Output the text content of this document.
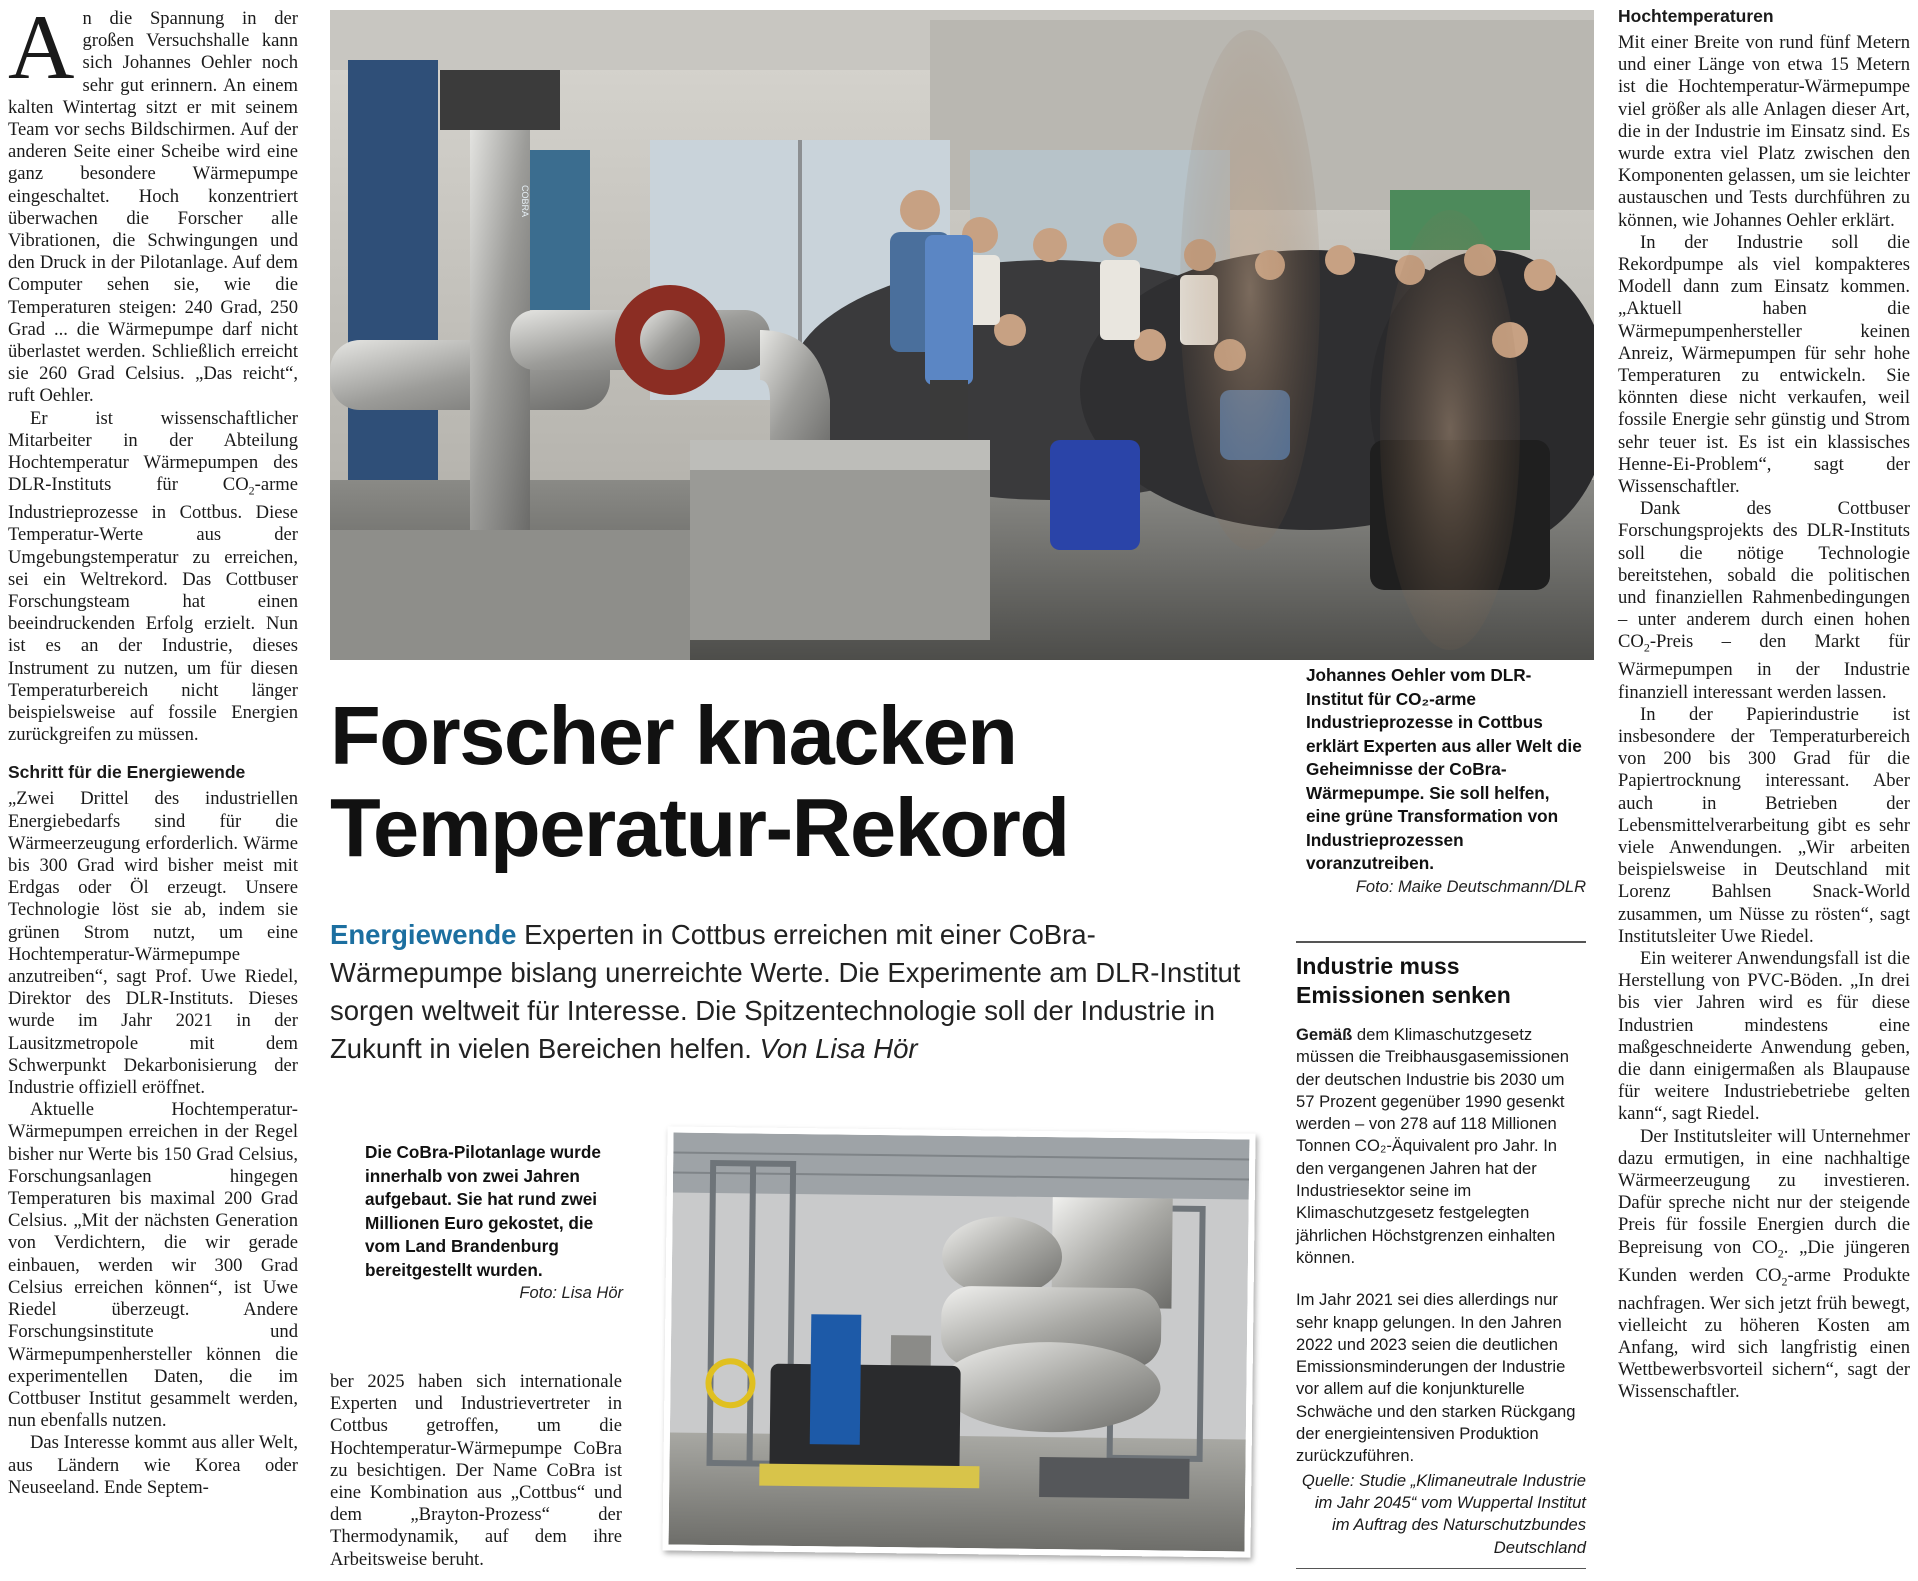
An die Spannung in der großen Versuchshalle kann sich Johannes Oehler noch sehr gut erinnern. An einem kalten Wintertag sitzt er mit seinem Team vor sechs Bildschirmen. Auf der anderen Seite einer Scheibe wird eine ganz besondere Wärmepumpe eingeschaltet. Hoch konzentriert überwachen die Forscher alle Vibrationen, die Schwingungen und den Druck in der Pilotanlage. Auf dem Computer sehen sie, wie die Temperaturen steigen: 240 Grad, 250 Grad ... die Wärmepumpe darf nicht überlastet werden. Schließlich erreicht sie 260 Grad Celsius. „Das reicht“, ruft Oehler.

Er ist wissenschaftlicher Mitarbeiter in der Abteilung Hochtemperatur Wärmepumpen des DLR-Instituts für $CO_2$-arme Industrieprozesse in Cottbus. Diese Temperatur-Werte aus der Umgebungstemperatur zu erreichen, sei ein Weltrekord. Das Cottbuser Forschungsteam hat einen beeindruckenden Erfolg erzielt. Nun ist es an der Industrie, dieses Instrument zu nutzen, um für diesen Temperaturbereich nicht länger beispielsweise auf fossile Energien zurückgreifen zu müssen.

Schritt für die Energiewende

„Zwei Drittel des industriellen Energiebedarfs sind für die Wärmeerzeugung erforderlich. Wärme bis 300 Grad wird bisher meist mit Erdgas oder Öl erzeugt. Unsere Technologie löst sie ab, indem sie grünen Strom nutzt, um eine Hochtemperatur-Wärmepumpe anzutreiben“, sagt Prof. Uwe Riedel, Direktor des DLR-Instituts. Dieses wurde im Jahr 2021 in der Lausitzmetropole mit dem Schwerpunkt Dekarbonisierung der Industrie offiziell eröffnet.

Aktuelle Hochtemperatur-Wärmepumpen erreichen in der Regel bisher nur Werte bis 150 Grad Celsius, Forschungsanlagen hingegen Temperaturen bis maximal 200 Grad Celsius. „Mit der nächsten Generation von Verdichtern, die wir gerade einbauen, werden wir 300 Grad Celsius erreichen können“, ist Uwe Riedel überzeugt. Andere Forschungsinstitute und Wärmepumpenhersteller können die experimentellen Daten, die im Cottbuser Institut gesammelt werden, nun ebenfalls nutzen.

Das Interesse kommt aus aller Welt, aus Ländern wie Korea oder Neuseeland. Ende Septem-

COBRA
Forscher knacken
Temperatur-Rekord
Energiewende Experten in Cottbus erreichen mit einer CoBra-Wärmepumpe bislang unerreichte Werte. Die Experimente am DLR-Institut sorgen weltweit für Interesse. Die Spitzentechnologie soll der Industrie in Zukunft in vielen Bereichen helfen. Von Lisa Hör
Johannes Oehler vom DLR-Institut für CO₂-arme Industrieprozesse in Cottbus erklärt Experten aus aller Welt die Geheimnisse der CoBra-Wärmepumpe. Sie soll helfen, eine grüne Transformation von Industrieprozessen voranzutreiben.
Foto: Maike Deutschmann/DLR
Die CoBra-Pilotanlage wurde innerhalb von zwei Jahren aufgebaut. Sie hat rund zwei Millionen Euro gekostet, die vom Land Brandenburg bereitgestellt wurden.
Foto: Lisa Hör

ber 2025 haben sich internationale Experten und Industrievertreter in Cottbus getroffen, um die Hochtemperatur-Wärmepumpe CoBra zu besichtigen. Der Name CoBra ist eine Kombination aus „Cottbus“ und dem „Brayton-Prozess“ der Thermodynamik, auf dem ihre Arbeitsweise beruht.

Industrie muss
Emissionen senken

Gemäß dem Klimaschutzgesetz müssen die Treibhausgasemissionen der deutschen Industrie bis 2030 um 57 Prozent gegenüber 1990 gesenkt werden – von 278 auf 118 Millionen Tonnen CO₂-Äquivalent pro Jahr. In den vergangenen Jahren hat der Industriesektor seine im Klimaschutzgesetz festgelegten jährlichen Höchstgrenzen einhalten können.

Im Jahr 2021 sei dies allerdings nur sehr knapp gelungen. In den Jahren 2022 und 2023 seien die deutlichen Emissionsminderungen der Industrie vor allem auf die konjunkturelle Schwäche und den starken Rückgang der energieintensiven Produktion zurückzuführen.

Quelle: Studie „Klimaneutrale Industrie im Jahr 2045“ vom Wuppertal Institut im Auftrag des Naturschutzbundes Deutschland

Hochtemperaturen

Mit einer Breite von rund fünf Metern und einer Länge von etwa 15 Metern ist die Hochtemperatur-Wärmepumpe viel größer als alle Anlagen dieser Art, die in der Industrie im Einsatz sind. Es wurde extra viel Platz zwischen den Komponenten gelassen, um sie leichter austauschen und Tests durchführen zu können, wie Johannes Oehler erklärt.

In der Industrie soll die Rekordpumpe als viel kompakteres Modell dann zum Einsatz kommen. „Aktuell haben die Wärmepumpenhersteller keinen Anreiz, Wärmepumpen für sehr hohe Temperaturen zu entwickeln. Sie könnten diese nicht verkaufen, weil fossile Energie sehr günstig und Strom sehr teuer ist. Es ist ein klassisches Henne-Ei-Problem“, sagt der Wissenschaftler.

Dank des Cottbuser Forschungsprojekts des DLR-Instituts soll die nötige Technologie bereitstehen, sobald die politischen und finanziellen Rahmenbedingungen – unter anderem durch einen hohen $CO_2$-Preis – den Markt für Wärmepumpen in der Industrie finanziell interessant werden lassen.

In der Papierindustrie ist insbesondere der Temperaturbereich von 200 bis 300 Grad für die Papiertrocknung interessant. Aber auch in Betrieben der Lebensmittelverarbeitung gibt es sehr viele Anwendungen. „Wir arbeiten beispielsweise in Deutschland mit Lorenz Bahlsen Snack-World zusammen, um Nüsse zu rösten“, sagt Institutsleiter Uwe Riedel.

Ein weiterer Anwendungsfall ist die Herstellung von PVC-Böden. „In drei bis vier Jahren wird es für diese Industrien mindestens eine maßgeschneiderte Anwendung geben, die dann einigermaßen als Blaupause für weitere Industriebetriebe gelten kann“, sagt Riedel.

Der Institutsleiter will Unternehmer dazu ermutigen, in eine nachhaltige Wärmeerzeugung zu investieren. Dafür spreche nicht nur der steigende Preis für fossile Energien durch die Bepreisung von $CO_2$. „Die jüngeren Kunden werden $CO_2$-arme Produkte nachfragen. Wer sich jetzt früh bewegt, vielleicht zu höheren Kosten am Anfang, wird sich langfristig einen Wettbewerbsvorteil sichern“, sagt der Wissenschaftler.
